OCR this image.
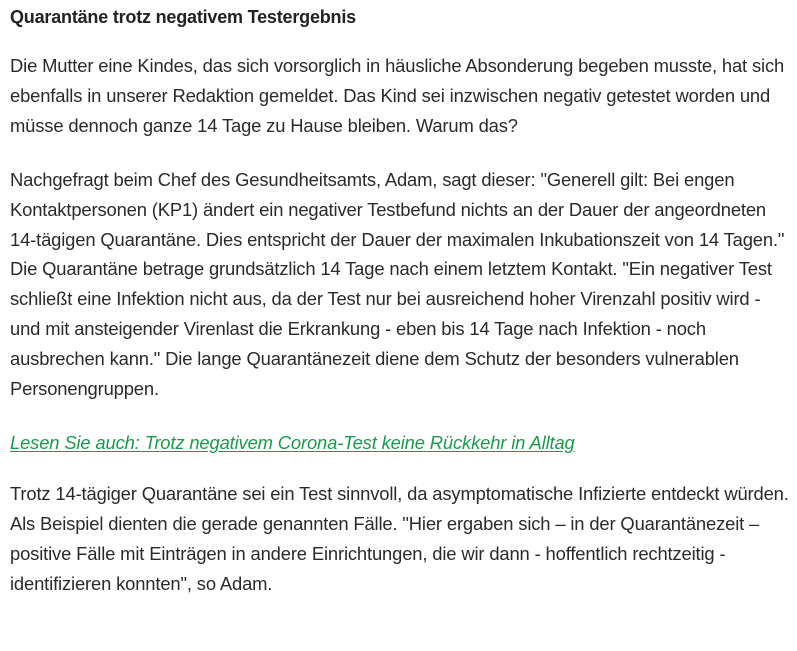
Quarantäne trotz negativem Testergebnis

Die Mutter eine Kindes, das sich vorsorglich in häusliche Absonderung begeben musste, hat sich ebenfalls in unserer Redaktion gemeldet. Das Kind sei inzwischen negativ getestet worden und müsse dennoch ganze 14 Tage zu Hause bleiben. Warum das?

Nachgefragt beim Chef des Gesundheitsamts, Adam, sagt dieser: "Generell gilt: Bei engen Kontaktpersonen (KP1) ändert ein negativer Testbefund nichts an der Dauer der angeordneten 14-tägigen Quarantäne. Dies entspricht der Dauer der maximalen Inkubationszeit von 14 Tagen." Die Quarantäne betrage grundsätzlich 14 Tage nach einem letztem Kontakt. "Ein negativer Test schließt eine Infektion nicht aus, da der Test nur bei ausreichend hoher Virenzahl positiv wird - und mit ansteigender Virenlast die Erkrankung - eben bis 14 Tage nach Infektion - noch ausbrechen kann." Die lange Quarantänezeit diene dem Schutz der besonders vulnerablen Personengruppen.

Lesen Sie auch: Trotz negativem Corona-Test keine Rückkehr in Alltag

Trotz 14-tägiger Quarantäne sei ein Test sinnvoll, da asymptomatische Infizierte entdeckt würden. Als Beispiel dienten die gerade genannten Fälle. "Hier ergaben sich – in der Quarantänezeit – positive Fälle mit Einträgen in andere Einrichtungen, die wir dann - hoffentlich rechtzeitig - identifizieren konnten", so Adam.
